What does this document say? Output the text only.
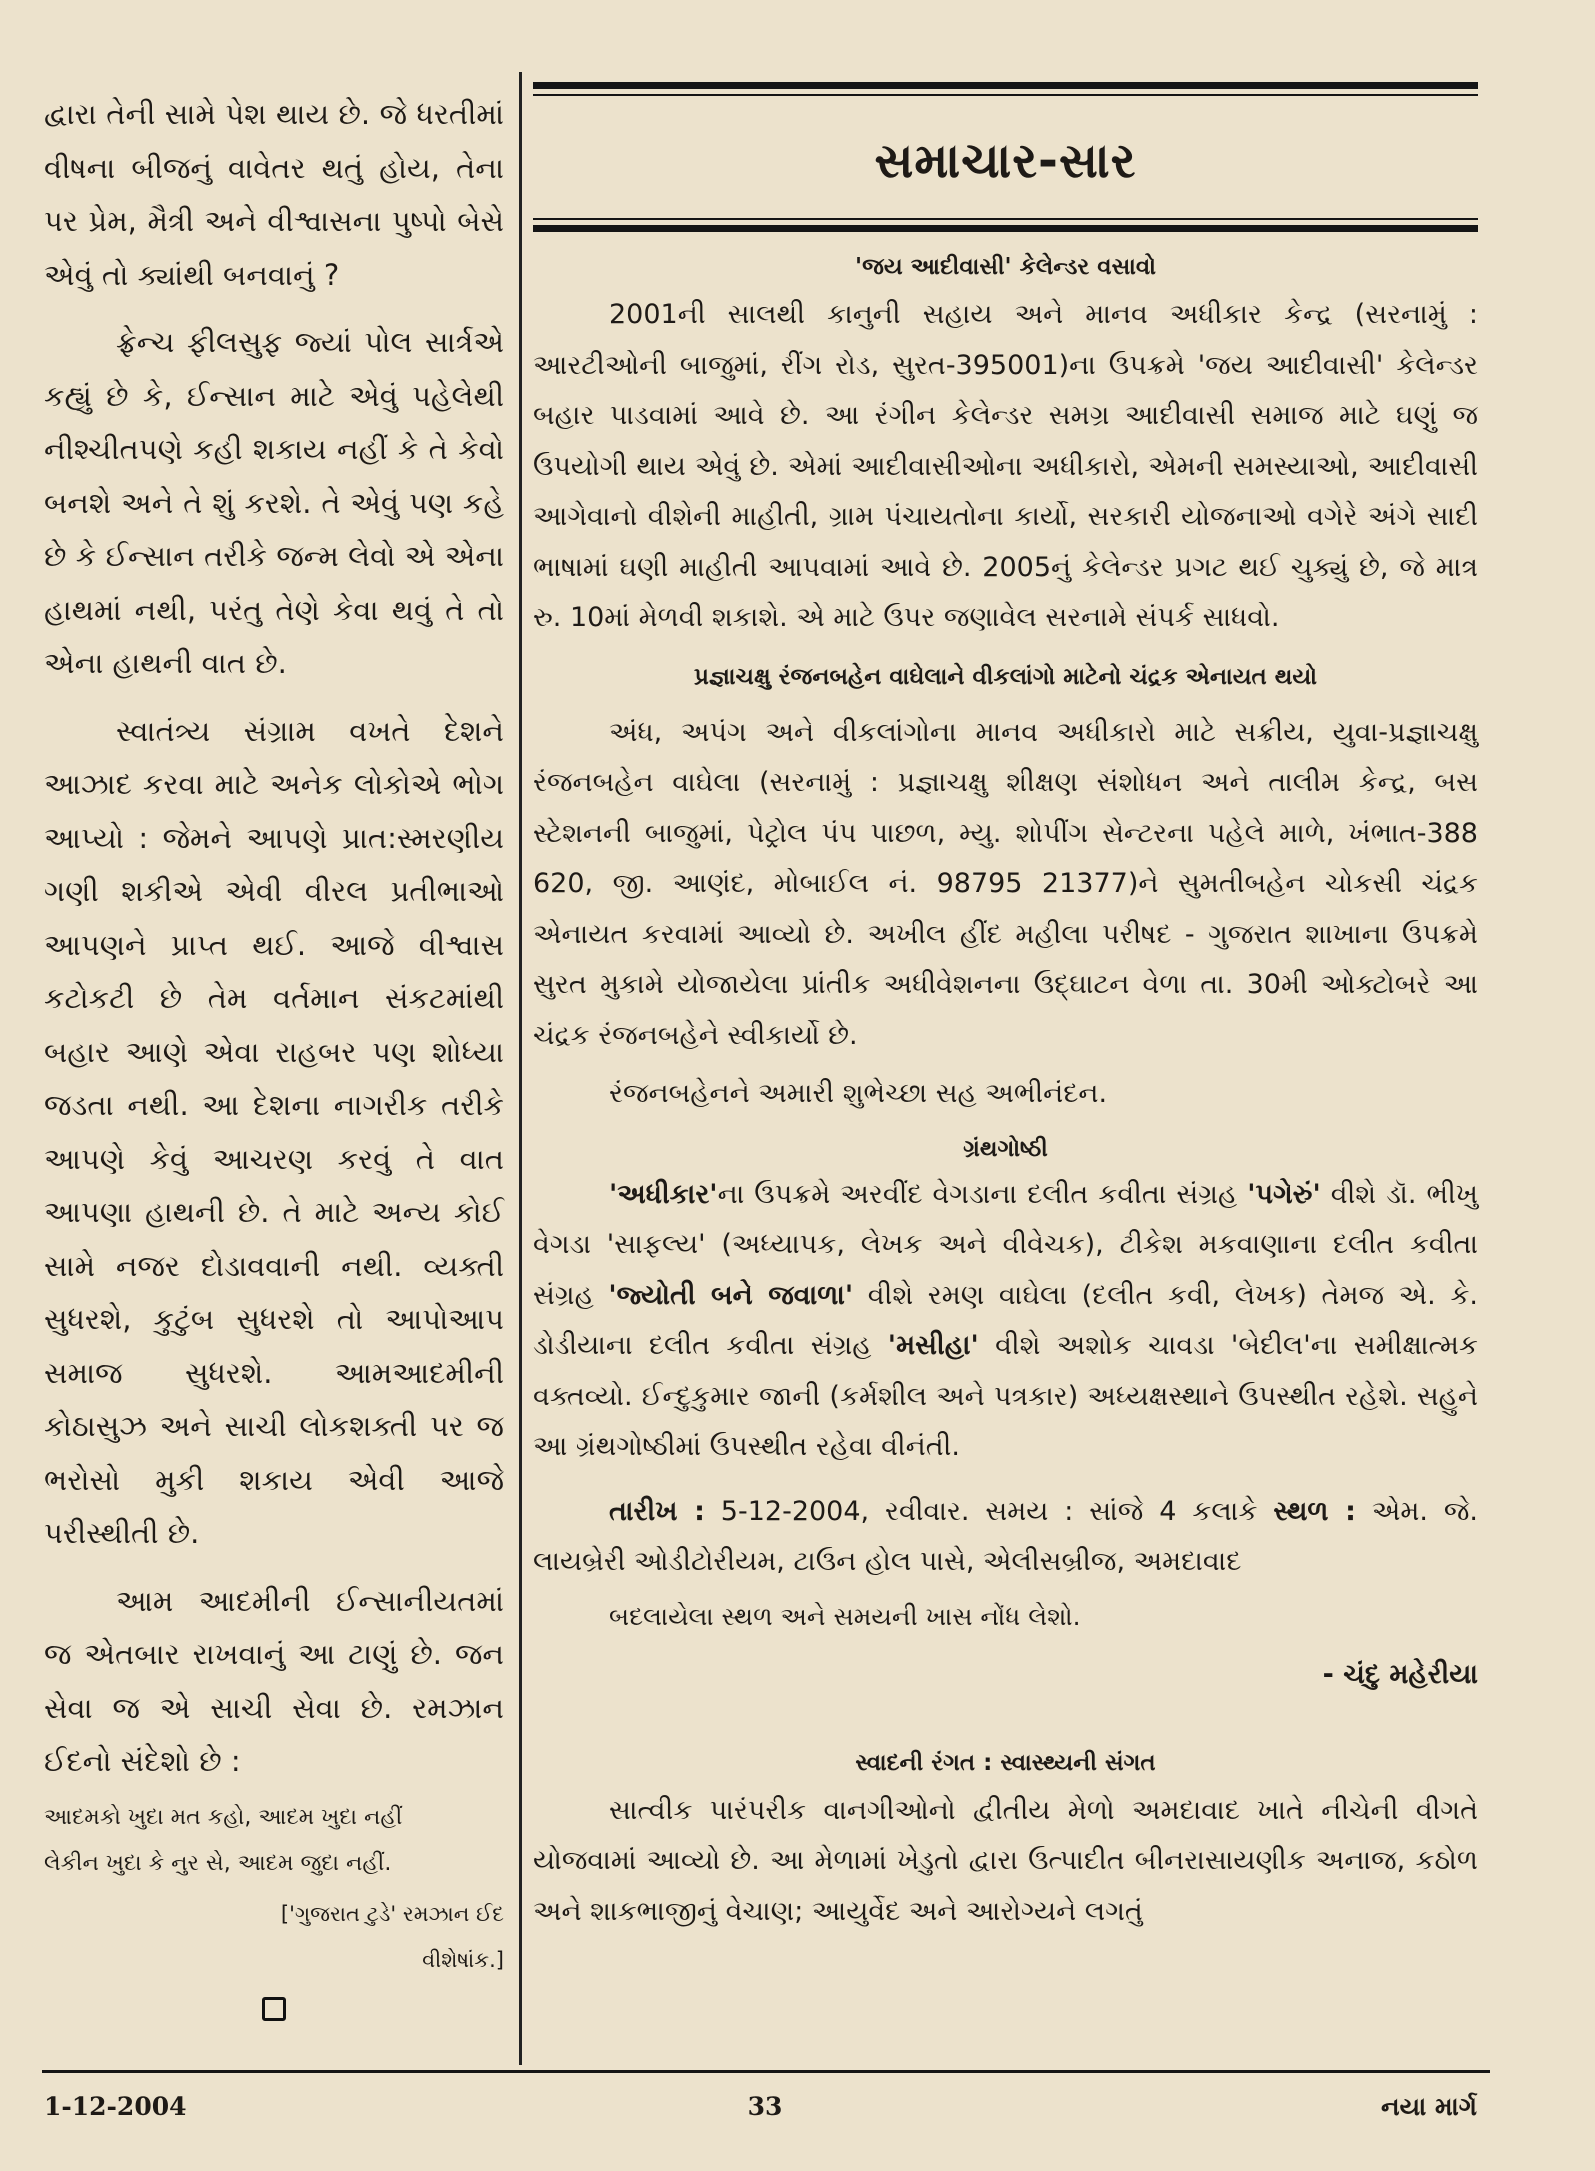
દ્વારા તેની સામે પેશ થાય છે. જે ધરતીમાં વીષના બીજનું વાવેતર થતું હોય, તેના પર પ્રેમ, મૈત્રી અને વીશ્વાસના પુષ્પો બેસે એવું તો ક્યાંથી બનવાનું ?

ફ્રેન્ચ ફીલસુફ જ્યાં પોલ સાર્ત્રએ કહ્યું છે કે, ઈન્સાન માટે એવું પહેલેથી નીશ્ચીતપણે કહી શકાય નહીં કે તે કેવો બનશે અને તે શું કરશે. તે એવું પણ કહે છે કે ઈન્સાન તરીકે જન્મ લેવો એ એના હાથમાં નથી, પરંતુ તેણે કેવા થવું તે તો એના હાથની વાત છે.

સ્વાતંત્ર્ય સંગ્રામ વખતે દેશને આઝાદ કરવા માટે અનેક લોકોએ ભોગ આપ્યો : જેમને આપણે પ્રાત:સ્મરણીય ગણી શકીએ એવી વીરલ પ્રતીભાઓ આપણને પ્રાપ્ત થઈ. આજે વીશ્વાસ કટોકટી છે તેમ વર્તમાન સંકટમાંથી બહાર આણે એવા રાહબર પણ શોધ્યા જડતા નથી. આ દેશના નાગરીક તરીકે આપણે કેવું આચરણ કરવું તે વાત આપણા હાથની છે. તે માટે અન્ય કોઈ સામે નજર દોડાવવાની નથી. વ્યક્તી સુધરશે, કુટુંબ સુધરશે તો આપોઆપ સમાજ સુધરશે. આમઆદમીની કોઠાસુઝ અને સાચી લોકશક્તી પર જ ભરોસો મુકી શકાય એવી આજે પરીસ્થીતી છે.

આમ આદમીની ઈન્સાનીયતમાં જ એતબાર રાખવાનું આ ટાણું છે. જન સેવા જ એ સાચી સેવા છે. રમઝાન ઈદનો સંદેશો છે :

આદમકો ખુદા મત કહો, આદમ ખુદા નહીં
લેકીન ખુદા કે નુર સે, આદમ જુદા નહીં.
['ગુજરાત ટુડે' રમઝાન ઈદ
વીશેષાંક.]
સમાચાર-સાર
'જય આદીવાસી' કેલેન્ડર વસાવો

2001ની સાલથી કાનુની સહાય અને માનવ અધીકાર કેન્દ્ર (સરનામું : આરટીઓની બાજુમાં, રીંગ રોડ, સુરત-395001)ના ઉપક્રમે 'જય આદીવાસી' કેલેન્ડર બહાર પાડવામાં આવે છે. આ રંગીન કેલેન્ડર સમગ્ર આદીવાસી સમાજ માટે ઘણું જ ઉપયોગી થાય એવું છે. એમાં આદીવાસીઓના અધીકારો, એમની સમસ્યાઓ, આદીવાસી આગેવાનો વીશેની માહીતી, ગ્રામ પંચાયતોના કાર્યો, સરકારી યોજનાઓ વગેરે અંગે સાદી ભાષામાં ઘણી માહીતી આપવામાં આવે છે. 2005નું કેલેન્ડર પ્રગટ થઈ ચુક્યું છે, જે માત્ર રુ. 10માં મેળવી શકાશે. એ માટે ઉપર જણાવેલ સરનામે સંપર્ક સાધવો.

પ્રજ્ઞાચક્ષુ રંજનબહેન વાઘેલાને વીકલાંગો માટેનો ચંદ્રક એનાયત થયો

અંધ, અપંગ અને વીકલાંગોના માનવ અધીકારો માટે સક્રીય, યુવા-પ્રજ્ઞાચક્ષુ રંજનબહેન વાઘેલા (સરનામું : પ્રજ્ઞાચક્ષુ શીક્ષણ સંશોધન અને તાલીમ કેન્દ્ર, બસ સ્ટેશનની બાજુમાં, પેટ્રોલ પંપ પાછળ, મ્યુ. શોપીંગ સેન્ટરના પહેલે માળે, ખંભાત-388 620, જી. આણંદ, મોબાઈલ નં. 98795 21377)ને સુમતીબહેન ચોકસી ચંદ્રક એનાયત કરવામાં આવ્યો છે. અખીલ હીંદ મહીલા પરીષદ - ગુજરાત શાખાના ઉપક્રમે સુરત મુકામે યોજાયેલા પ્રાંતીક અધીવેશનના ઉદ્ઘાટન વેળા તા. 30મી ઓક્ટોબરે આ ચંદ્રક રંજનબહેને સ્વીકાર્યો છે.

રંજનબહેનને અમારી શુભેચ્છા સહ અભીનંદન.

ગ્રંથગોષ્ઠી

'અધીકાર'ના ઉપક્રમે અરવીંદ વેગડાના દલીત કવીતા સંગ્રહ 'પગેરું' વીશે ડૉ. ભીખુ વેગડા 'સાફલ્ય' (અધ્યાપક, લેખક અને વીવેચક), ટીકેશ મકવાણાના દલીત કવીતા સંગ્રહ 'જ્યોતી બને જવાળા' વીશે રમણ વાઘેલા (દલીત કવી, લેખક) તેમજ એ. કે. ડોડીયાના દલીત કવીતા સંગ્રહ 'મસીહા' વીશે અશોક ચાવડા 'બેદીલ'ના સમીક્ષાત્મક વક્તવ્યો. ઈન્દુકુમાર જાની (કર્મશીલ અને પત્રકાર) અધ્યક્ષસ્થાને ઉપસ્થીત રહેશે. સહુને આ ગ્રંથગોષ્ઠીમાં ઉપસ્થીત રહેવા વીનંતી.

તારીખ : 5-12-2004, રવીવાર. સમય : સાંજે 4 કલાકે સ્થળ : એમ. જે. લાયબ્રેરી ઓડીટોરીયમ, ટાઉન હોલ પાસે, એલીસબ્રીજ, અમદાવાદ

બદલાયેલા સ્થળ અને સમયની ખાસ નોંધ લેશો.

- ચંદુ મહેરીયા
સ્વાદની રંગત : સ્વાસ્થ્યની સંગત

સાત્વીક પારંપરીક વાનગીઓનો દ્વીતીય મેળો અમદાવાદ ખાતે નીચેની વીગતે યોજવામાં આવ્યો છે. આ મેળામાં ખેડુતો દ્વારા ઉત્પાદીત બીનરાસાયણીક અનાજ, કઠોળ અને શાકભાજીનું વેચાણ; આયુર્વેદ અને આરોગ્યને લગતું

1-12-2004	33	નયા માર્ગ
